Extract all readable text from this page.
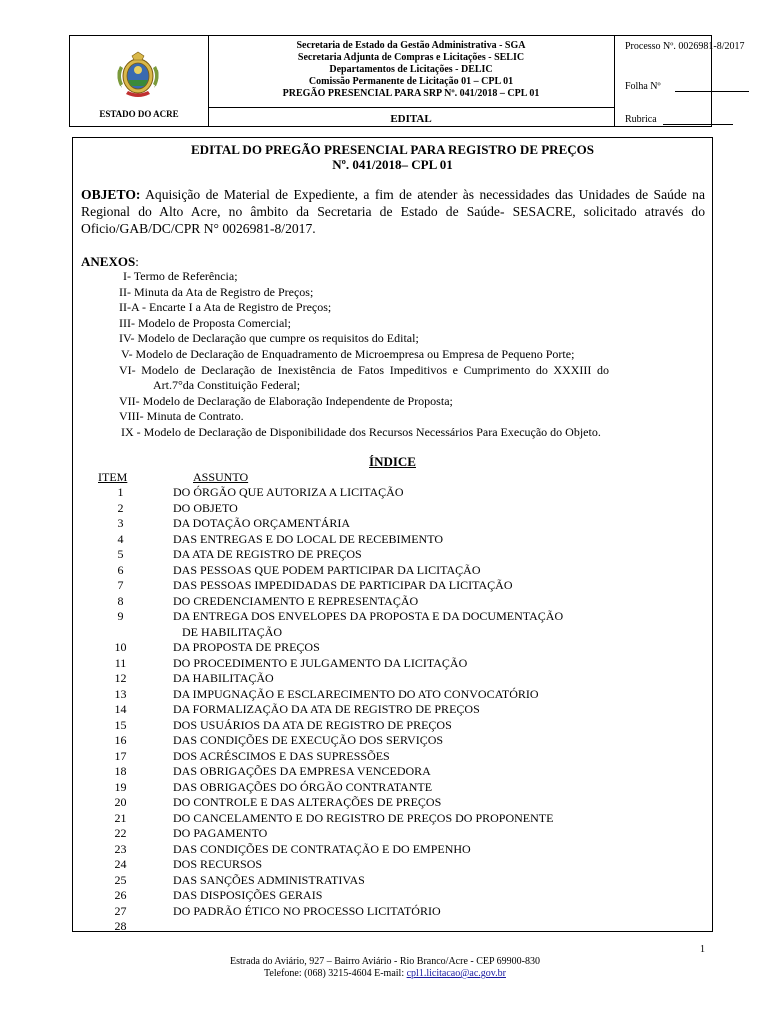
ESTADO DO ACRE
Secretaria de Estado da Gestão Administrativa - SGA
Secretaria Adjunta de Compras e Licitações - SELIC
Departamentos de Licitações - DELIC
Comissão Permanente de Licitação 01 – CPL 01
PREGÃO PRESENCIAL PARA SRP Nº. 041/2018 – CPL 01
EDITAL
Processo Nº. 0026981-8/2017
Folha Nº
Rubrica
EDITAL DO PREGÃO PRESENCIAL PARA REGISTRO DE PREÇOS
Nº. 041/2018– CPL 01
OBJETO: Aquisição de Material de Expediente, a fim de atender às necessidades das Unidades de Saúde na Regional do Alto Acre, no âmbito da Secretaria de Estado de Saúde- SESACRE, solicitado através do Oficio/GAB/DC/CPR N° 0026981-8/2017.
ANEXOS:
I- Termo de Referência;
II- Minuta da Ata de Registro de Preços;
II-A - Encarte I a Ata de Registro de Preços;
III- Modelo de Proposta Comercial;
IV- Modelo de Declaração que cumpre os requisitos do Edital;
V- Modelo de Declaração de Enquadramento de Microempresa ou Empresa de Pequeno Porte;
VI- Modelo de Declaração de Inexistência de Fatos Impeditivos e Cumprimento do XXXIII do
Art.7°da Constituição Federal;
VII- Modelo de Declaração de Elaboração Independente de Proposta;
VIII- Minuta de Contrato.
IX - Modelo de Declaração de Disponibilidade dos Recursos Necessários Para Execução do Objeto.
ÍNDICE
ITEM	ASSUNTO
1	DO ÓRGÃO QUE AUTORIZA A LICITAÇÃO
2	DO OBJETO
3	DA DOTAÇÃO ORÇAMENTÁRIA
4	DAS ENTREGAS E DO LOCAL DE RECEBIMENTO
5	DA ATA DE REGISTRO DE PREÇOS
6	DAS PESSOAS QUE PODEM PARTICIPAR DA LICITAÇÃO
7	DAS PESSOAS IMPEDIDADAS DE PARTICIPAR DA LICITAÇÃO
8	DO CREDENCIAMENTO E REPRESENTAÇÃO
9	DA ENTREGA DOS ENVELOPES DA PROPOSTA E DA DOCUMENTAÇÃO
DE HABILITAÇÃO
10	DA PROPOSTA DE PREÇOS
11	DO PROCEDIMENTO E JULGAMENTO DA LICITAÇÃO
12	DA HABILITAÇÃO
13	DA IMPUGNAÇÃO E ESCLARECIMENTO DO ATO CONVOCATÓRIO
14	DA FORMALIZAÇÃO DA ATA DE REGISTRO DE PREÇOS
15	DOS USUÁRIOS DA ATA DE REGISTRO DE PREÇOS
16	DAS CONDIÇÕES DE EXECUÇÃO DOS SERVIÇOS
17	DOS ACRÉSCIMOS E DAS SUPRESSÕES
18	DAS OBRIGAÇÕES DA EMPRESA VENCEDORA
19	DAS OBRIGAÇÕES DO ÓRGÃO CONTRATANTE
20	DO CONTROLE E DAS ALTERAÇÕES DE PREÇOS
21	DO CANCELAMENTO E DO REGISTRO DE PREÇOS DO PROPONENTE
22	DO PAGAMENTO
23	DAS CONDIÇÕES DE CONTRATAÇÃO E DO EMPENHO
24	DOS RECURSOS
25	DAS SANÇÕES ADMINISTRATIVAS
26	DAS DISPOSIÇÕES GERAIS
27	DO PADRÃO ÉTICO NO PROCESSO LICITATÓRIO
28
1
Estrada do Aviário, 927 – Bairro Aviário - Rio Branco/Acre - CEP 69900-830
Telefone: (068) 3215-4604 E-mail: cpl1.licitacao@ac.gov.br
